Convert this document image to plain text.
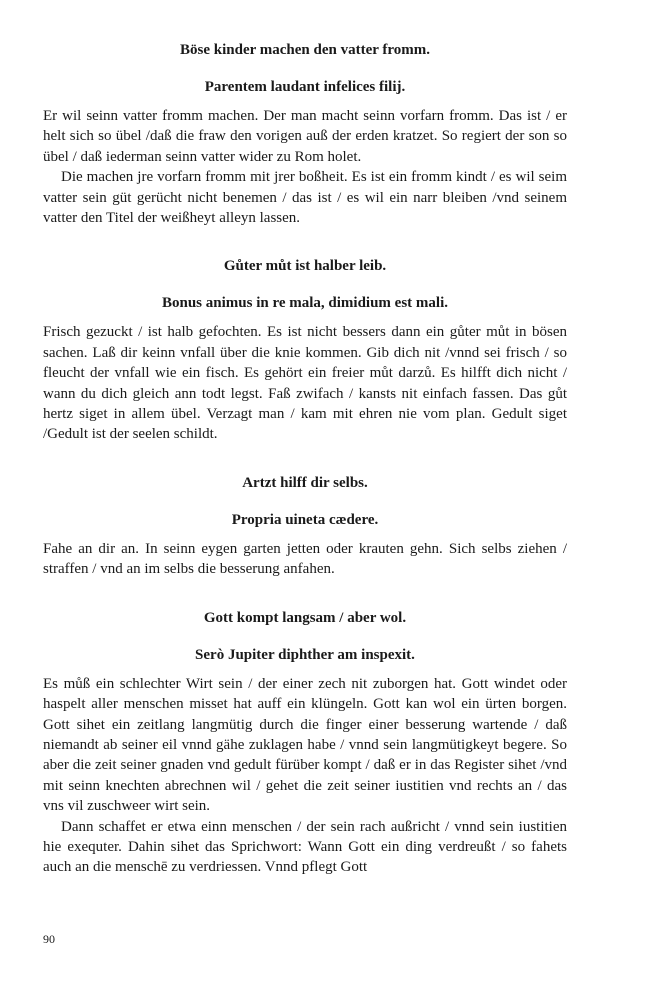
Böse kinder machen den vatter fromm.

Parentem laudant infelices filij.

Er wil seinn vatter fromm machen. Der man macht seinn vorfarn fromm. Das ist / er helt sich so übel /daß die fraw den vorigen auß der erden kratzet. So regiert der son so übel / daß iederman seinn vatter wider zu Rom holet.

Die machen jre vorfarn fromm mit jrer boßheit. Es ist ein fromm kindt / es wil seim vatter sein güt gerücht nicht benemen / das ist / es wil ein narr bleiben /vnd seinem vatter den Titel der weißheyt alleyn lassen.

Gůter můt ist halber leib.

Bonus animus in re mala, dimidium est mali.

Frisch gezuckt / ist halb gefochten. Es ist nicht bessers dann ein gůter můt in bösen sachen. Laß dir keinn vnfall über die knie kommen. Gib dich nit /vnnd sei frisch / so fleucht der vnfall wie ein fisch. Es gehört ein freier můt darzů. Es hilfft dich nicht / wann du dich gleich ann todt legst. Faß zwifach / kansts nit einfach fassen. Das gůt hertz siget in allem übel. Verzagt man / kam mit ehren nie vom plan. Gedult siget /Gedult ist der seelen schildt.

Artzt hilff dir selbs.

Propria uineta cædere.

Fahe an dir an. In seinn eygen garten jetten oder krauten gehn. Sich selbs ziehen / straffen / vnd an im selbs die besserung anfahen.

Gott kompt langsam / aber wol.

Serò Jupiter diphther am inspexit.

Es můß ein schlechter Wirt sein / der einer zech nit zuborgen hat. Gott windet oder haspelt aller menschen misset hat auff ein klüngeln. Gott kan wol ein ürten borgen. Gott sihet ein zeitlang langmütig durch die finger einer besserung wartende / daß niemandt ab seiner eil vnnd gähe zuklagen habe / vnnd sein langmütigkeyt begere. So aber die zeit seiner gnaden vnd gedult fürüber kompt / daß er in das Register sihet /vnd mit seinn knechten abrechnen wil / gehet die zeit seiner iustitien vnd rechts an / das vns vil zuschweer wirt sein.

Dann schaffet er etwa einn menschen / der sein rach außricht / vnnd sein iustitien hie exequter. Dahin sihet das Sprichwort: Wann Gott ein ding verdreußt / so fahets auch an die menschē zu verdriessen. Vnnd pflegt Gott

90
